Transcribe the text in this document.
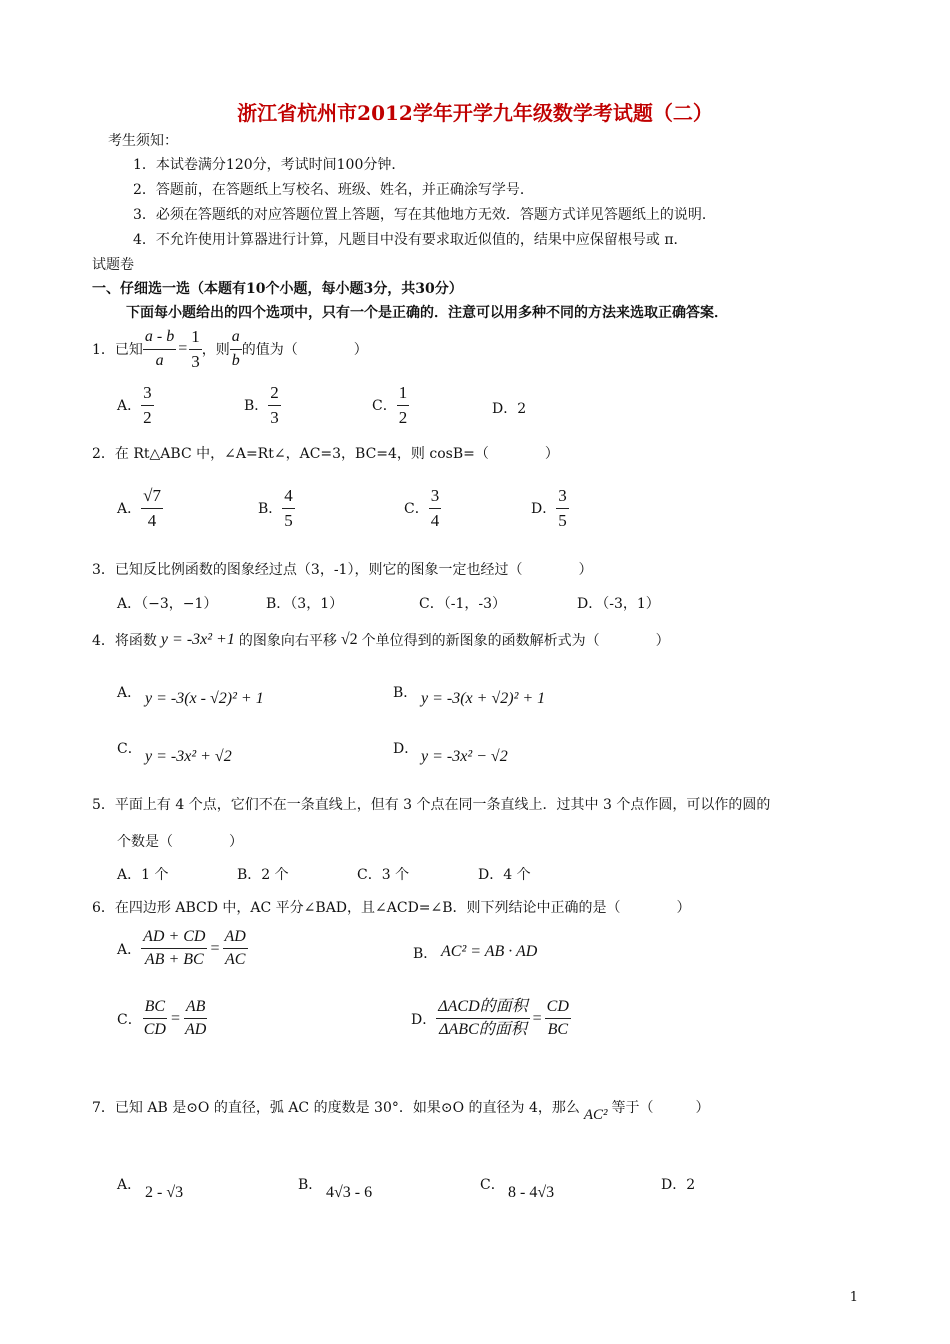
浙江省杭州市2012学年开学九年级数学考试题（二）
考生须知：
1．本试卷满分120分，考试时间100分钟．
2．答题前，在答题纸上写校名、班级、姓名，并正确涂写学号．
3．必须在答题纸的对应答题位置上答题，写在其他地方无效．答题方式详见答题纸上的说明．
4．不允许使用计算器进行计算，凡题目中没有要求取近似值的，结果中应保留根号或 π．
试题卷
一、仔细选一选（本题有10个小题，每小题3分，共30分）
下面每小题给出的四个选项中，只有一个是正确的．注意可以用多种不同的方法来选取正确答案．
1．已知 $\frac{a - b}{a} = \frac{1}{3}$ ，则 $\frac{a}{b}$ 的值为（　　　　）
A． $\frac{3}{2}$	B． $\frac{2}{3}$	C． $\frac{1}{2}$	D．2
2．在 Rt△ABC 中，∠A=Rt∠，AC=3，BC=4，则 cosB=（　　　　）
A． $\frac{√7}{4}$	B． $\frac{4}{5}$	C． $\frac{3}{4}$	D． $\frac{3}{5}$
3．已知反比例函数的图象经过点（3，-1），则它的图象一定也经过（　　　　）
A．（−3，−1）	B．（3，1）	C．（-1，-3）	D．（-3，1）
4．将函数 y = -3x² +1 的图象向右平移 √2 个单位得到的新图象的函数解析式为（　　　　）
A． y = -3(x - √2)² + 1	B． y = -3(x + √2)² + 1
C． y = -3x² + √2	D． y = -3x² − √2
5．平面上有 4 个点，它们不在一条直线上，但有 3 个点在同一条直线上．过其中 3 个点作圆，可以作的圆的
个数是（　　　　）
A．1 个	B．2 个	C．3 个	D．4 个
6．在四边形 ABCD 中，AC 平分∠BAD，且∠ACD=∠B．则下列结论中正确的是（　　　　）
A． $\frac{AD + CD}{AB + BC} = \frac{AD}{AC}$	B． AC² = AB · AD
C． $\frac{BC}{CD} = \frac{AB}{AD}$	D． $\frac{\text{ΔACD的面积}}{\text{ΔABC的面积}} = \frac{CD}{BC}$
7．已知 AB 是⊙O 的直径，弧 AC 的度数是 30°．如果⊙O 的直径为 4，那么 AC² 等于（　　　）
A． 2 - √3	B． 4√3 - 6	C． 8 - 4√3	D．2
1
